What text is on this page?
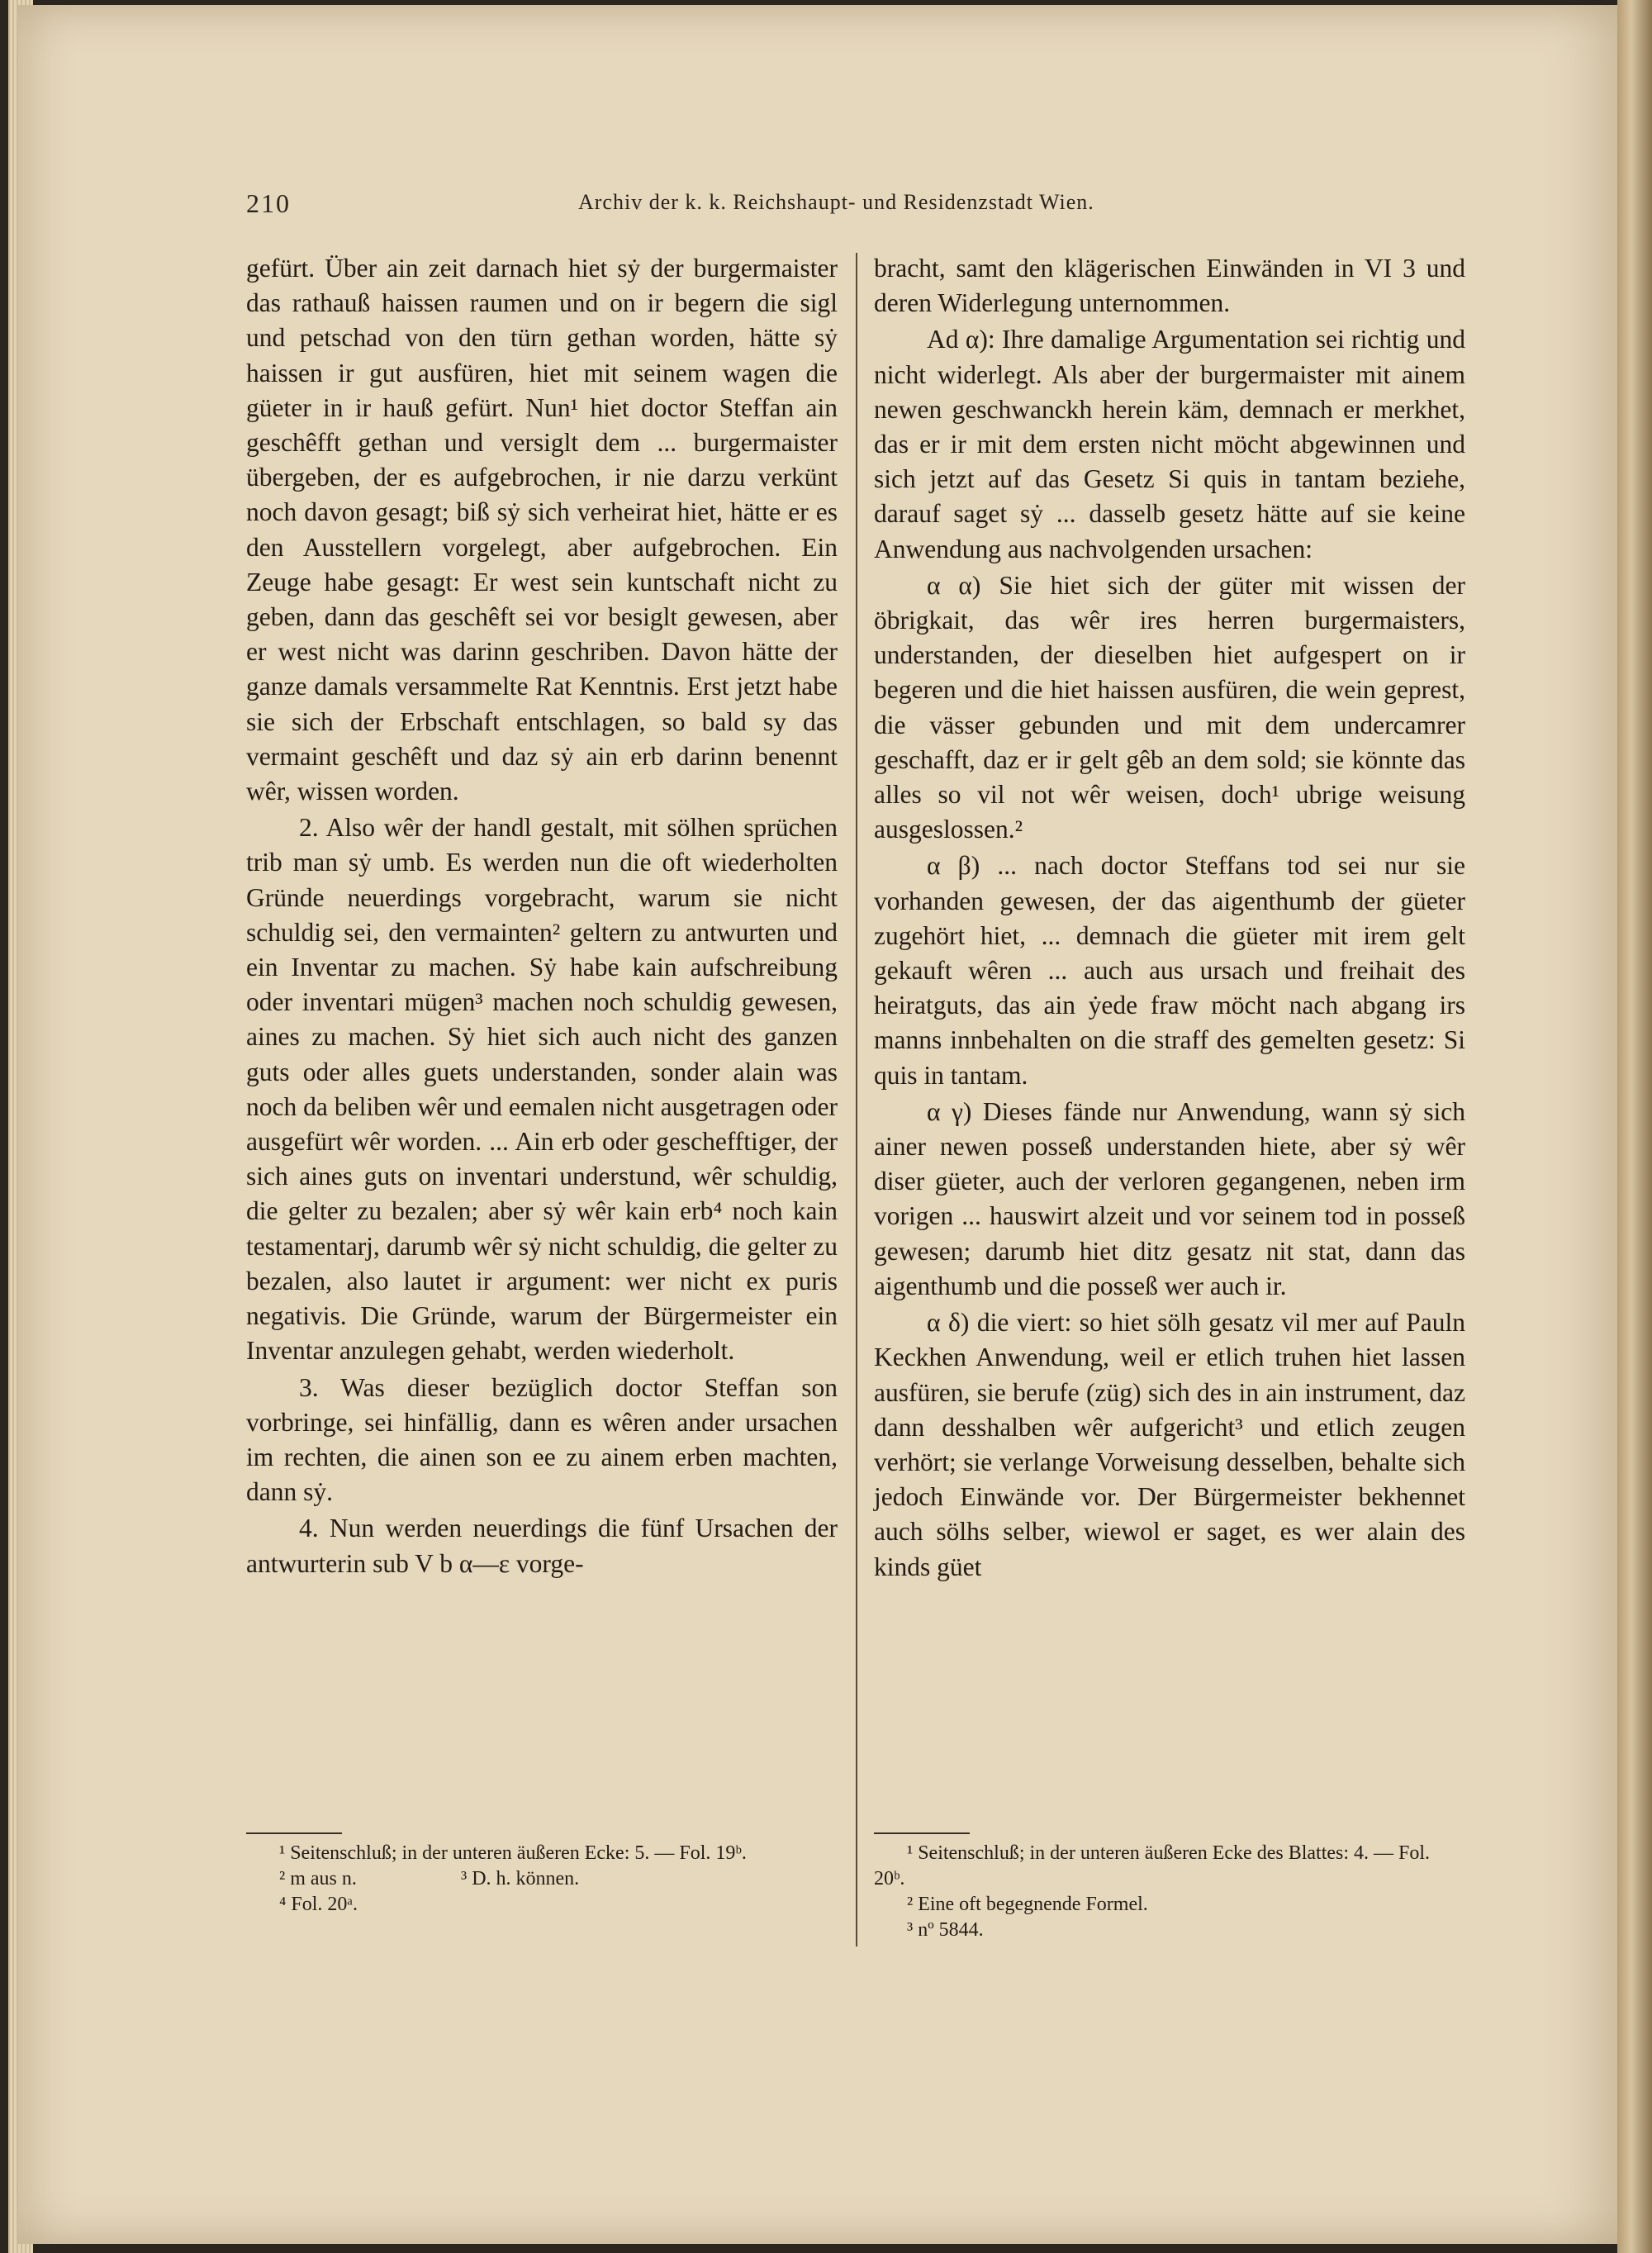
210	Archiv der k. k. Reichshaupt- und Residenzstadt Wien.

gefürt. Über ain zeit darnach hiet sẏ der burgermaister das rathauß haissen raumen und on ir begern die sigl und petschad von den türn gethan worden, hätte sẏ haissen ir gut ausfüren, hiet mit seinem wagen die güeter in ir hauß gefürt. Nun¹ hiet doctor Steffan ain geschêfft gethan und versiglt dem ... burgermaister übergeben, der es aufgebrochen, ir nie darzu verkünt noch davon gesagt; biß sẏ sich verheirat hiet, hätte er es den Ausstellern vorgelegt, aber aufgebrochen. Ein Zeuge habe gesagt: Er west sein kuntschaft nicht zu geben, dann das geschêft sei vor besiglt gewesen, aber er west nicht was darinn geschriben. Davon hätte der ganze damals versammelte Rat Kenntnis. Erst jetzt habe sie sich der Erbschaft entschlagen, so bald sy das vermaint geschêft und daz sẏ ain erb darinn benennt wêr, wissen worden.

2. Also wêr der handl gestalt, mit sölhen sprüchen trib man sẏ umb. Es werden nun die oft wiederholten Gründe neuerdings vorgebracht, warum sie nicht schuldig sei, den vermainten² geltern zu antwurten und ein Inventar zu machen. Sẏ habe kain aufschreibung oder inventari mügen³ machen noch schuldig gewesen, aines zu machen. Sẏ hiet sich auch nicht des ganzen guts oder alles guets understanden, sonder alain was noch da beliben wêr und eemalen nicht ausgetragen oder ausgefürt wêr worden. ... Ain erb oder geschefftiger, der sich aines guts on inventari understund, wêr schuldig, die gelter zu bezalen; aber sẏ wêr kain erb⁴ noch kain testamentarj, darumb wêr sẏ nicht schuldig, die gelter zu bezalen, also lautet ir argument: wer nicht ex puris negativis. Die Gründe, warum der Bürgermeister ein Inventar anzulegen gehabt, werden wiederholt.

3. Was dieser bezüglich doctor Steffan son vorbringe, sei hinfällig, dann es wêren ander ursachen im rechten, die ainen son ee zu ainem erben machten, dann sẏ.

4. Nun werden neuerdings die fünf Ursachen der antwurterin sub V b α—ε vorge-

bracht, samt den klägerischen Einwänden in VI 3 und deren Widerlegung unternommen.

Ad α): Ihre damalige Argumentation sei richtig und nicht widerlegt. Als aber der burgermaister mit ainem newen geschwanckh herein käm, demnach er merkhet, das er ir mit dem ersten nicht möcht abgewinnen und sich jetzt auf das Gesetz Si quis in tantam beziehe, darauf saget sẏ ... dasselb gesetz hätte auf sie keine Anwendung aus nachvolgenden ursachen:

α α) Sie hiet sich der güter mit wissen der öbrigkait, das wêr ires herren burgermaisters, understanden, der dieselben hiet aufgespert on ir begeren und die hiet haissen ausfüren, die wein geprest, die vässer gebunden und mit dem undercamrer geschafft, daz er ir gelt gêb an dem sold; sie könnte das alles so vil not wêr weisen, doch¹ ubrige weisung ausgeslossen.²

α β) ... nach doctor Steffans tod sei nur sie vorhanden gewesen, der das aigenthumb der güeter zugehört hiet, ... demnach die güeter mit irem gelt gekauft wêren ... auch aus ursach und freihait des heiratguts, das ain ẏede fraw möcht nach abgang irs manns innbehalten on die straff des gemelten gesetz: Si quis in tantam.

α γ) Dieses fände nur Anwendung, wann sẏ sich ainer newen posseß understanden hiete, aber sẏ wêr diser güeter, auch der verloren gegangenen, neben irm vorigen ... hauswirt alzeit und vor seinem tod in posseß gewesen; darumb hiet ditz gesatz nit stat, dann das aigenthumb und die posseß wer auch ir.

α δ) die viert: so hiet sölh gesatz vil mer auf Pauln Keckhen Anwendung, weil er etlich truhen hiet lassen ausfüren, sie berufe (züg) sich des in ain instrument, daz dann desshalben wêr aufgericht³ und etlich zeugen verhört; sie verlange Vorweisung desselben, behalte sich jedoch Einwände vor. Der Bürgermeister bekhennet auch sölhs selber, wiewol er saget, es wer alain des kinds güet

¹ Seitenschluß; in der unteren äußeren Ecke: 5. — Fol. 19ᵇ.

² m aus n.	³ D. h. können.

⁴ Fol. 20ᵃ.

¹ Seitenschluß; in der unteren äußeren Ecke des Blattes: 4. — Fol. 20ᵇ.

² Eine oft begegnende Formel.

³ nº 5844.
